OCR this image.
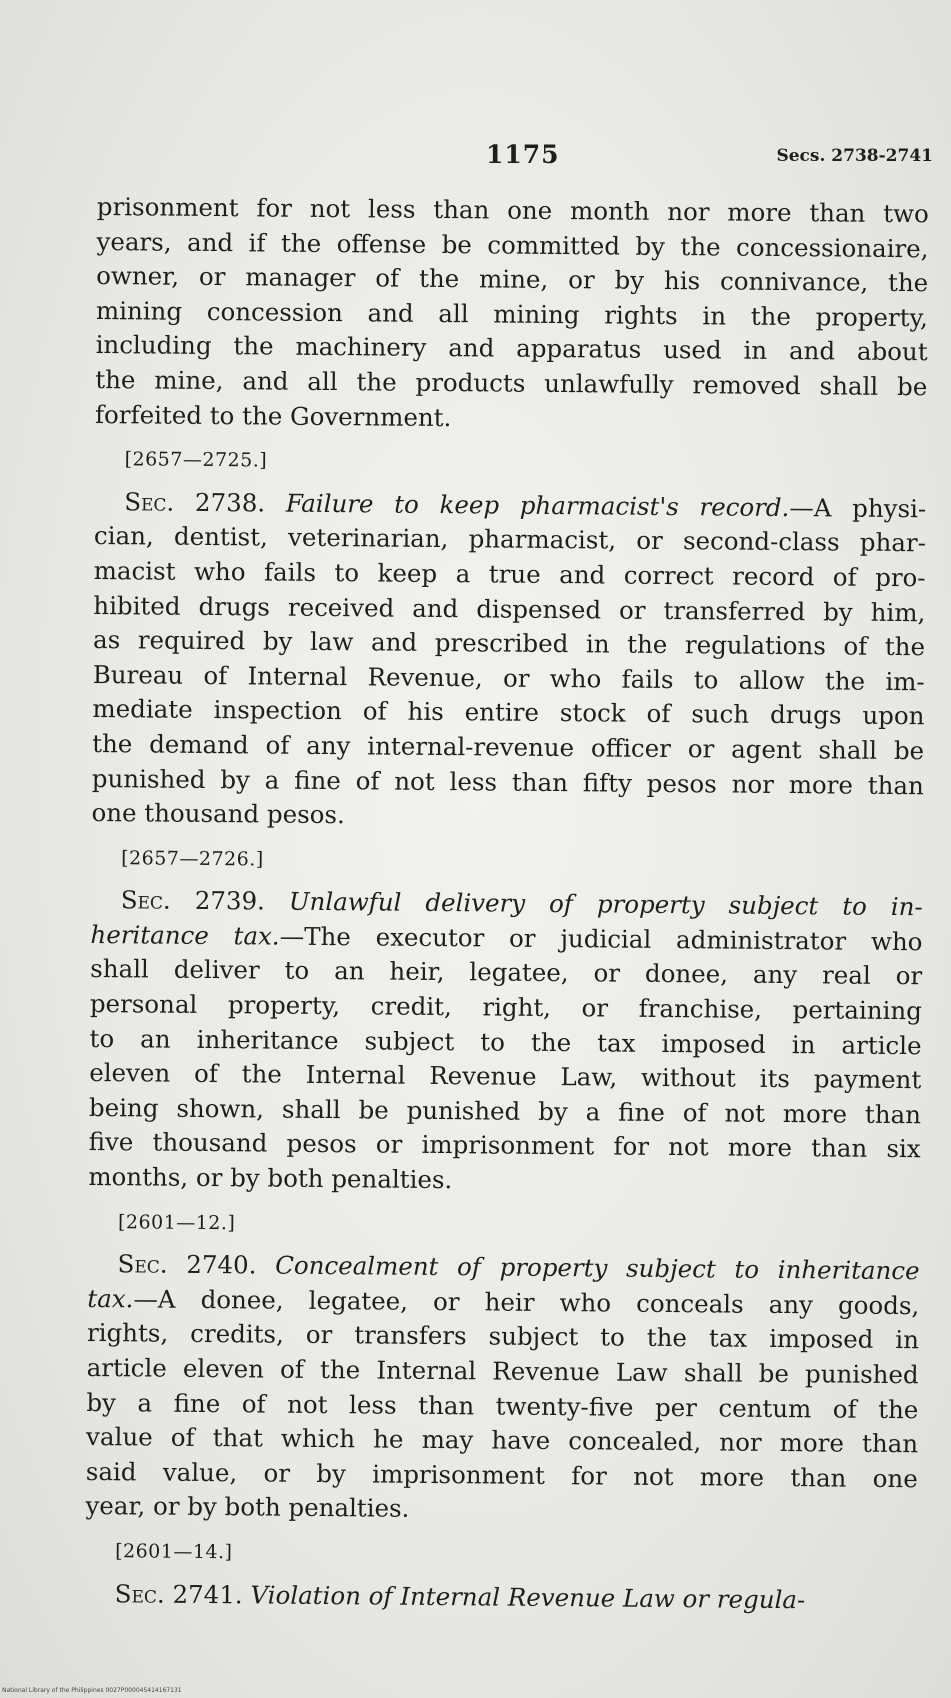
1175	Secs. 2738-2741
prisonment for not less than one month nor more than two
years, and if the offense be committed by the concessionaire,
owner, or manager of the mine, or by his connivance, the
mining concession and all mining rights in the property,
including the machinery and apparatus used in and about
the mine, and all the products unlawfully removed shall be
forfeited to the Government.
[2657—2725.]
Sec. 2738. Failure to keep pharmacist's record.—A physi-
cian, dentist, veterinarian, pharmacist, or second-class phar-
macist who fails to keep a true and correct record of pro-
hibited drugs received and dispensed or transferred by him,
as required by law and prescribed in the regulations of the
Bureau of Internal Revenue, or who fails to allow the im-
mediate inspection of his entire stock of such drugs upon
the demand of any internal-revenue officer or agent shall be
punished by a fine of not less than fifty pesos nor more than
one thousand pesos.
[2657—2726.]
Sec. 2739. Unlawful delivery of property subject to in-
heritance tax.—The executor or judicial administrator who
shall deliver to an heir, legatee, or donee, any real or
personal property, credit, right, or franchise, pertaining
to an inheritance subject to the tax imposed in article
eleven of the Internal Revenue Law, without its payment
being shown, shall be punished by a fine of not more than
five thousand pesos or imprisonment for not more than six
months, or by both penalties.
[2601—12.]
Sec. 2740. Concealment of property subject to inheritance
tax.—A donee, legatee, or heir who conceals any goods,
rights, credits, or transfers subject to the tax imposed in
article eleven of the Internal Revenue Law shall be punished
by a fine of not less than twenty-five per centum of the
value of that which he may have concealed, nor more than
said value, or by imprisonment for not more than one
year, or by both penalties.
[2601—14.]
Sec. 2741. Violation of Internal Revenue Law or regula-
National Library of the Philippines 0027P000045414167131
